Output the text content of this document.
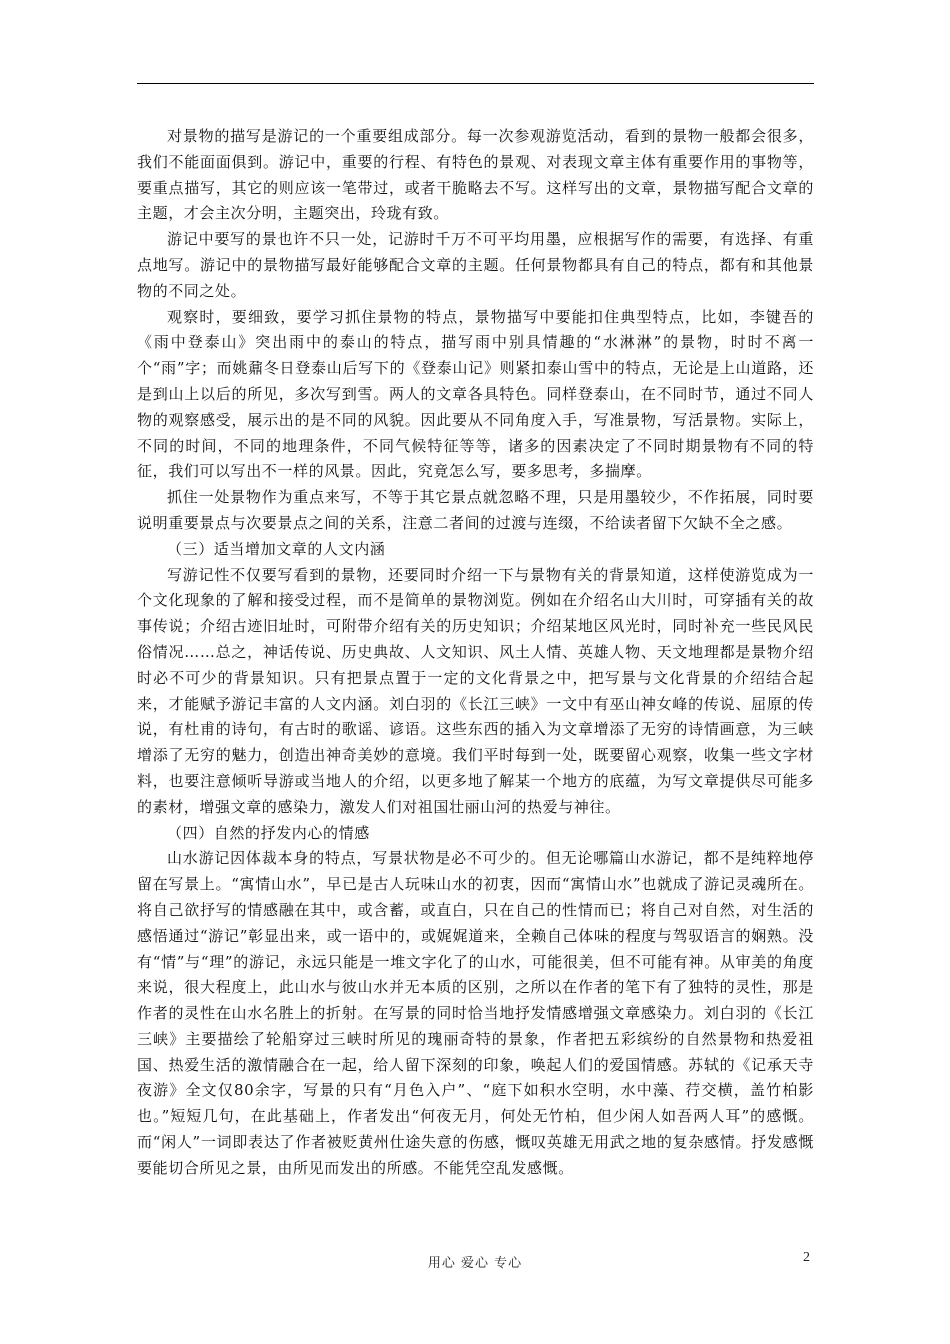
对景物的描写是游记的一个重要组成部分。每一次参观游览活动，看到的景物一般都会很多，我们不能面面俱到。游记中，重要的行程、有特色的景观、对表现文章主体有重要作用的事物等，要重点描写，其它的则应该一笔带过，或者干脆略去不写。这样写出的文章，景物描写配合文章的主题，才会主次分明，主题突出，玲珑有致。

游记中要写的景也许不只一处，记游时千万不可平均用墨，应根据写作的需要，有选择、有重点地写。游记中的景物描写最好能够配合文章的主题。任何景物都具有自己的特点，都有和其他景物的不同之处。

观察时，要细致，要学习抓住景物的特点，景物描写中要能扣住典型特点，比如，李键吾的《雨中登泰山》突出雨中的泰山的特点，描写雨中别具情趣的“水淋淋”的景物，时时不离一个“雨”字；而姚鼐冬日登泰山后写下的《登泰山记》则紧扣泰山雪中的特点，无论是上山道路，还是到山上以后的所见，多次写到雪。两人的文章各具特色。同样登泰山，在不同时节，通过不同人物的观察感受，展示出的是不同的风貌。因此要从不同角度入手，写准景物，写活景物。实际上，不同的时间，不同的地理条件，不同气候特征等等，诸多的因素决定了不同时期景物有不同的特征，我们可以写出不一样的风景。因此，究竟怎么写，要多思考，多揣摩。

抓住一处景物作为重点来写，不等于其它景点就忽略不理，只是用墨较少，不作拓展，同时要说明重要景点与次要景点之间的关系，注意二者间的过渡与连缀，不给读者留下欠缺不全之感。

（三）适当增加文章的人文内涵

写游记性不仅要写看到的景物，还要同时介绍一下与景物有关的背景知道，这样使游览成为一个文化现象的了解和接受过程，而不是简单的景物浏览。例如在介绍名山大川时，可穿插有关的故事传说；介绍古迹旧址时，可附带介绍有关的历史知识；介绍某地区风光时，同时补充一些民风民俗情况……总之，神话传说、历史典故、人文知识、风土人情、英雄人物、天文地理都是景物介绍时必不可少的背景知识。只有把景点置于一定的文化背景之中，把写景与文化背景的介绍结合起来，才能赋予游记丰富的人文内涵。刘白羽的《长江三峡》一文中有巫山神女峰的传说、屈原的传说，有杜甫的诗句，有古时的歌谣、谚语。这些东西的插入为文章增添了无穷的诗情画意，为三峡增添了无穷的魅力，创造出神奇美妙的意境。我们平时每到一处，既要留心观察，收集一些文字材料，也要注意倾听导游或当地人的介绍，以更多地了解某一个地方的底蕴，为写文章提供尽可能多的素材，增强文章的感染力，激发人们对祖国壮丽山河的热爱与神往。

（四）自然的抒发内心的情感

山水游记因体裁本身的特点，写景状物是必不可少的。但无论哪篇山水游记，都不是纯粹地停留在写景上。“寓情山水”，早已是古人玩味山水的初衷，因而“寓情山水”也就成了游记灵魂所在。将自己欲抒写的情感融在其中，或含蓄，或直白，只在自己的性情而已；将自己对自然，对生活的感悟通过“游记”彰显出来，或一语中的，或娓娓道来，全赖自己体味的程度与驾驭语言的娴熟。没有“情”与“理”的游记，永远只能是一堆文字化了的山水，可能很美，但不可能有神。从审美的角度来说，很大程度上，此山水与彼山水并无本质的区别，之所以在作者的笔下有了独特的灵性，那是作者的灵性在山水名胜上的折射。在写景的同时恰当地抒发情感增强文章感染力。刘白羽的《长江三峡》主要描绘了轮船穿过三峡时所见的瑰丽奇特的景象，作者把五彩缤纷的自然景物和热爱祖国、热爱生活的激情融合在一起，给人留下深刻的印象，唤起人们的爱国情感。苏轼的《记承天寺夜游》全文仅80余字，写景的只有“月色入户”、“庭下如积水空明，水中藻、荇交横，盖竹柏影也。”短短几句，在此基础上，作者发出“何夜无月，何处无竹柏，但少闲人如吾两人耳”的感慨。而“闲人”一词即表达了作者被贬黄州仕途失意的伤感，慨叹英雄无用武之地的复杂感情。抒发感慨要能切合所见之景，由所见而发出的所感。不能凭空乱发感慨。

用心 爱心 专心	2
